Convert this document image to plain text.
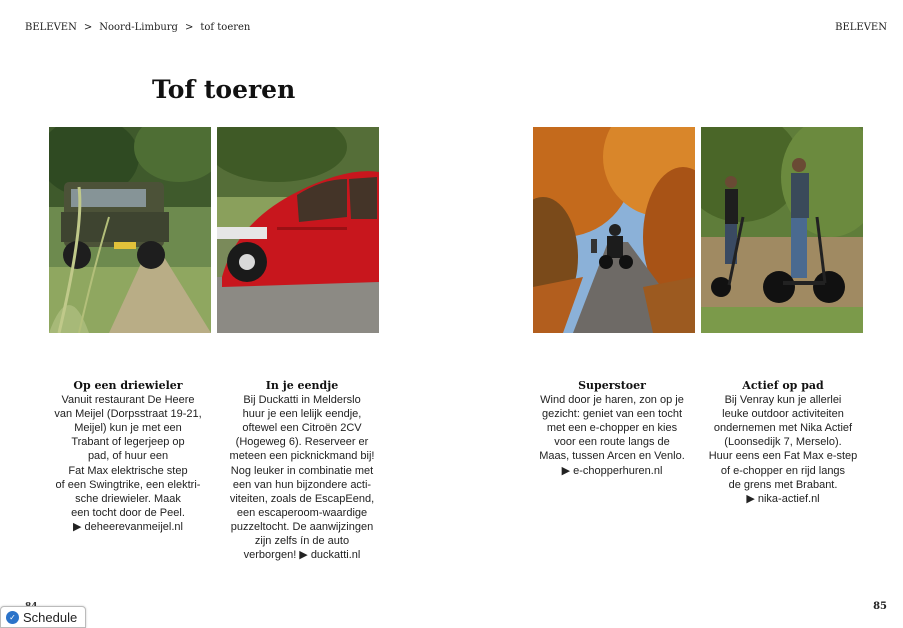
BELEVEN > Noord-Limburg > tof toeren	BELEVEN
Tof toeren
Op een driewieler
Vanuit restaurant De Heere
van Meijel (Dorpsstraat 19-21,
Meijel) kun je met een
Trabant of legerjeep op
pad, of huur een
Fat Max elektrische step
of een Swingtrike, een elektri-
sche driewieler. Maak
een tocht door de Peel.
▶ deheerevanmeijel.nl
In je eendje
Bij Duckatti in Melderslo
huur je een lelijk eendje,
oftewel een Citroën 2CV
(Hogeweg 6). Reserveer er
meteen een picknickmand bij!
Nog leuker in combinatie met
een van hun bijzondere acti-
viteiten, zoals de EscapEend,
een escaperoom-waardige
puzzeltocht. De aanwijzingen
zijn zelfs ín de auto
verborgen! ▶ duckatti.nl
Superstoer
Wind door je haren, zon op je
gezicht: geniet van een tocht
met een e-chopper en kies
voor een route langs de
Maas, tussen Arcen en Venlo.
▶ e-chopperhuren.nl
Actief op pad
Bij Venray kun je allerlei
leuke outdoor activiteiten
ondernemen met Nika Actief
(Loonsedijk 7, Merselo).
Huur eens een Fat Max e-step
of e-chopper en rijd langs
de grens met Brabant.
▶ nika-actief.nl
85
✓ Schedule
